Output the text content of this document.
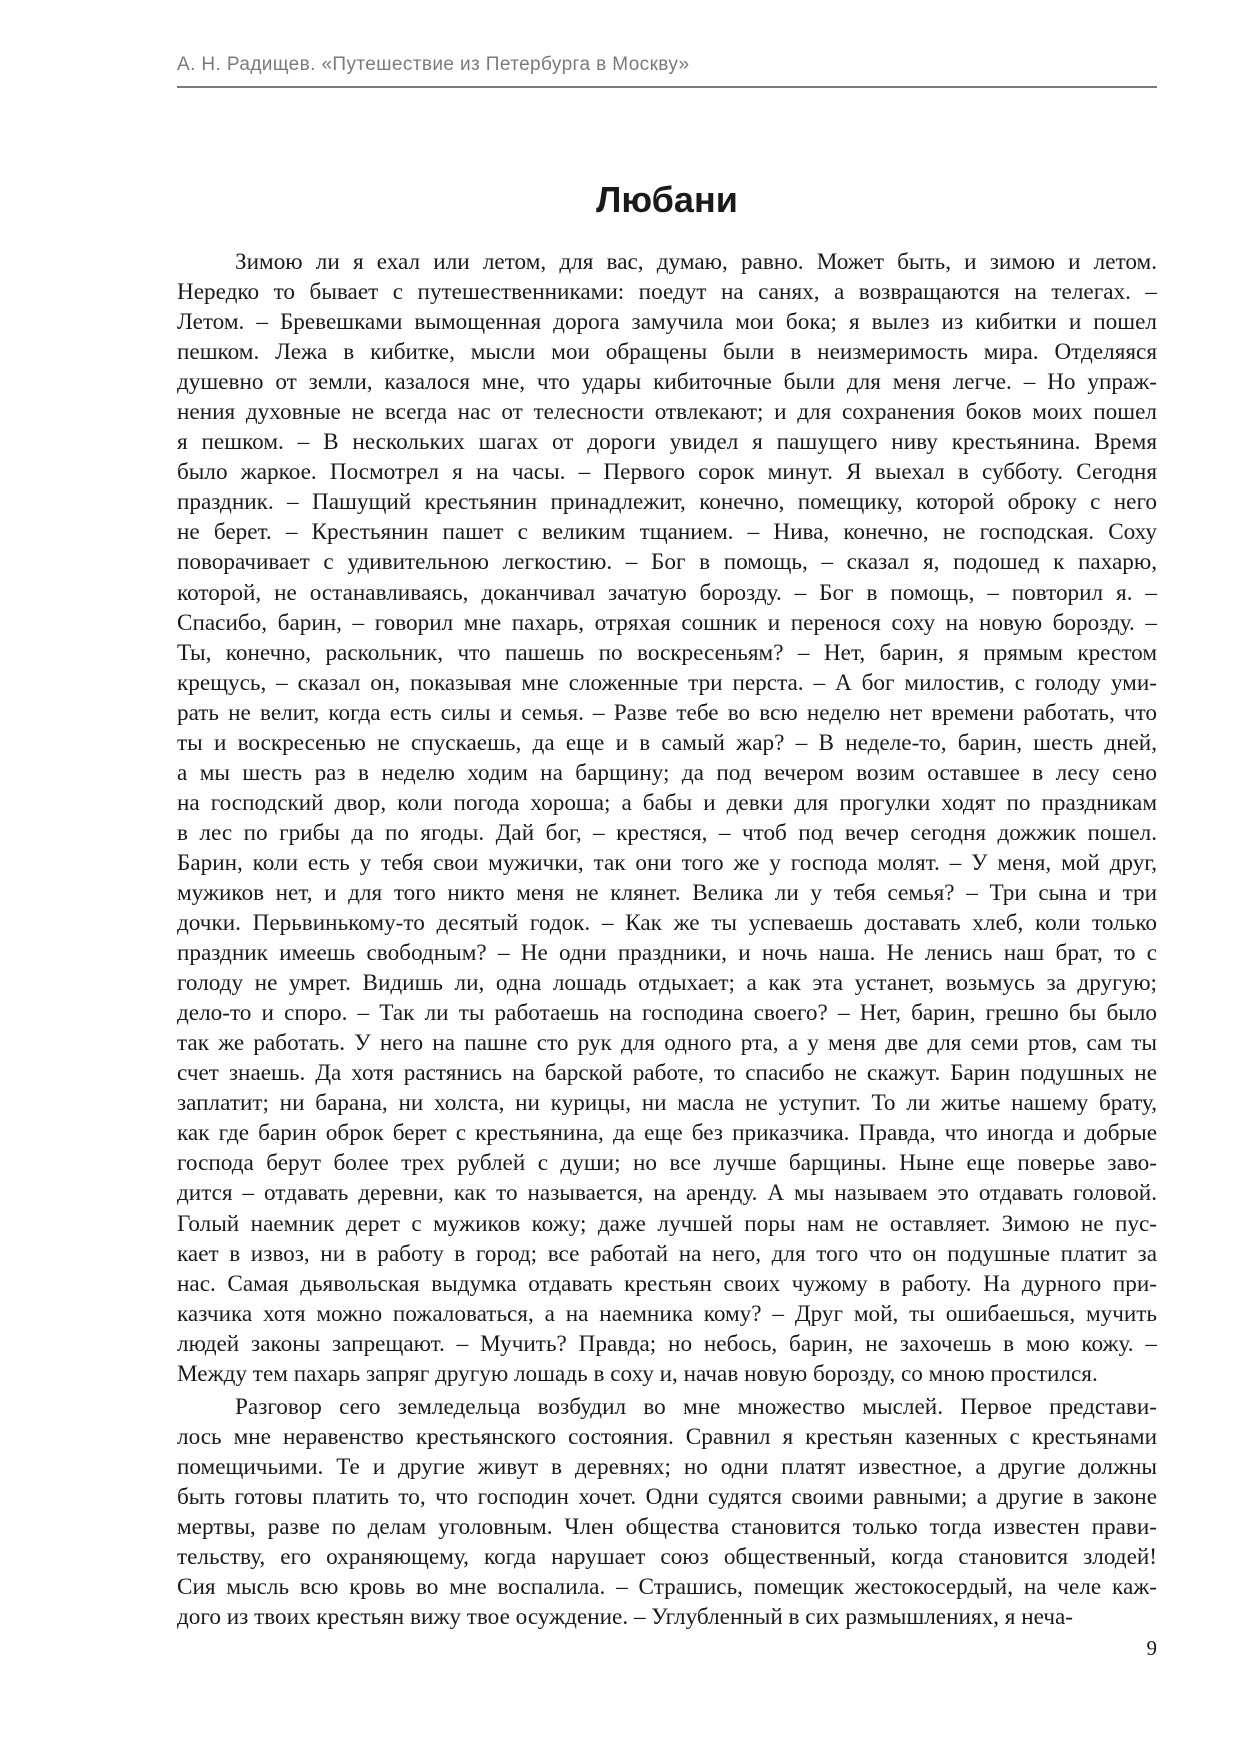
А. Н. Радищев. «Путешествие из Петербурга в Москву»
Любани
Зимою ли я ехал или летом, для вас, думаю, равно. Может быть, и зимою и летом.
Нередко то бывает с путешественниками: поедут на санях, а возвращаются на телегах. –
Летом. – Бревешками вымощенная дорога замучила мои бока; я вылез из кибитки и пошел
пешком. Лежа в кибитке, мысли мои обращены были в неизмеримость мира. Отделяяся
душевно от земли, казалося мне, что удары кибиточные были для меня легче. – Но упраж-
нения духовные не всегда нас от телесности отвлекают; и для сохранения боков моих пошел
я пешком. – В нескольких шагах от дороги увидел я пашущего ниву крестьянина. Время
было жаркое. Посмотрел я на часы. – Первого сорок минут. Я выехал в субботу. Сегодня
праздник. – Пашущий крестьянин принадлежит, конечно, помещику, которой оброку с него
не берет. – Крестьянин пашет с великим тщанием. – Нива, конечно, не господская. Соху
поворачивает с удивительною легкостию. – Бог в помощь, – сказал я, подошед к пахарю,
которой, не останавливаясь, доканчивал зачатую борозду. – Бог в помощь, – повторил я. –
Спасибо, барин, – говорил мне пахарь, отряхая сошник и перенося соху на новую борозду. –
Ты, конечно, раскольник, что пашешь по воскресеньям? – Нет, барин, я прямым крестом
крещусь, – сказал он, показывая мне сложенные три перста. – А бог милостив, с голоду уми-
рать не велит, когда есть силы и семья. – Разве тебе во всю неделю нет времени работать, что
ты и воскресенью не спускаешь, да еще и в самый жар? – В неделе-то, барин, шесть дней,
а мы шесть раз в неделю ходим на барщину; да под вечером возим оставшее в лесу сено
на господский двор, коли погода хороша; а бабы и девки для прогулки ходят по праздникам
в лес по грибы да по ягоды. Дай бог, – крестяся, – чтоб под вечер сегодня дожжик пошел.
Барин, коли есть у тебя свои мужички, так они того же у господа молят. – У меня, мой друг,
мужиков нет, и для того никто меня не клянет. Велика ли у тебя семья? – Три сына и три
дочки. Перьвинькому-то десятый годок. – Как же ты успеваешь доставать хлеб, коли только
праздник имеешь свободным? – Не одни праздники, и ночь наша. Не ленись наш брат, то с
голоду не умрет. Видишь ли, одна лошадь отдыхает; а как эта устанет, возьмусь за другую;
дело-то и споро. – Так ли ты работаешь на господина своего? – Нет, барин, грешно бы было
так же работать. У него на пашне сто рук для одного рта, а у меня две для семи ртов, сам ты
счет знаешь. Да хотя растянись на барской работе, то спасибо не скажут. Барин подушных не
заплатит; ни барана, ни холста, ни курицы, ни масла не уступит. То ли житье нашему брату,
как где барин оброк берет с крестьянина, да еще без приказчика. Правда, что иногда и добрые
господа берут более трех рублей с души; но все лучше барщины. Ныне еще поверье заво-
дится – отдавать деревни, как то называется, на аренду. А мы называем это отдавать головой.
Голый наемник дерет с мужиков кожу; даже лучшей поры нам не оставляет. Зимою не пус-
кает в извоз, ни в работу в город; все работай на него, для того что он подушные платит за
нас. Самая дьявольская выдумка отдавать крестьян своих чужому в работу. На дурного при-
казчика хотя можно пожаловаться, а на наемника кому? – Друг мой, ты ошибаешься, мучить
людей законы запрещают. – Мучить? Правда; но небось, барин, не захочешь в мою кожу. –
Между тем пахарь запряг другую лошадь в соху и, начав новую борозду, со мною простился.
Разговор сего земледельца возбудил во мне множество мыслей. Первое представи-
лось мне неравенство крестьянского состояния. Сравнил я крестьян казенных с крестьянами
помещичьими. Те и другие живут в деревнях; но одни платят известное, а другие должны
быть готовы платить то, что господин хочет. Одни судятся своими равными; а другие в законе
мертвы, разве по делам уголовным. Член общества становится только тогда известен прави-
тельству, его охраняющему, когда нарушает союз общественный, когда становится злодей!
Сия мысль всю кровь во мне воспалила. – Страшись, помещик жестокосердый, на челе каж-
дого из твоих крестьян вижу твое осуждение. – Углубленный в сих размышлениях, я неча-
9
